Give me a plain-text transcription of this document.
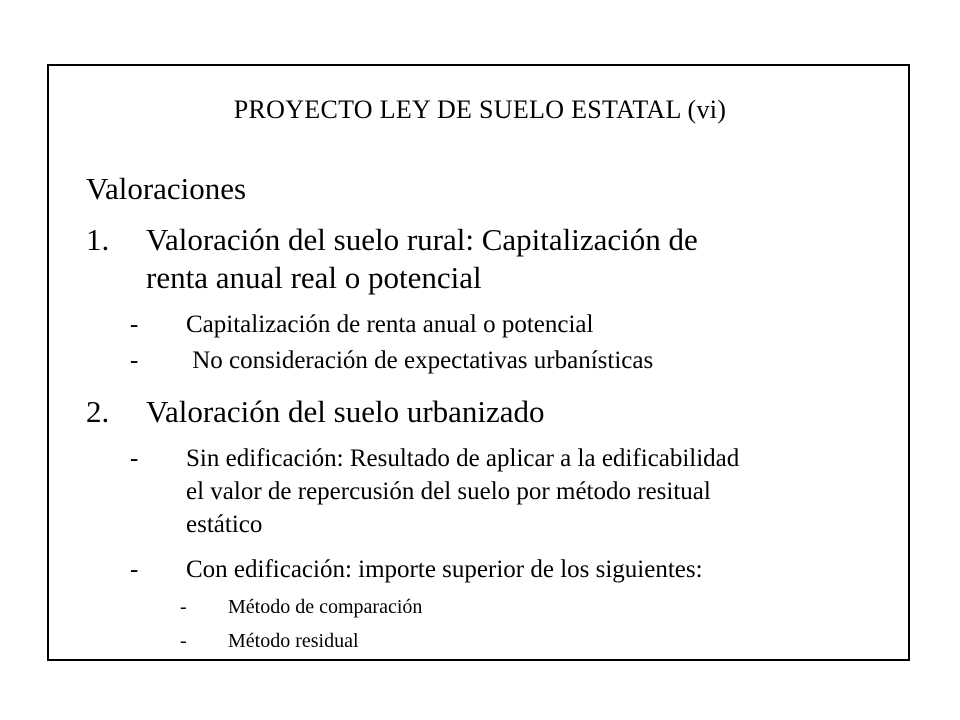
PROYECTO LEY DE SUELO ESTATAL (vi)
Valoraciones
1. Valoración del suelo rural: Capitalización de
renta anual real o potencial
- Capitalización de renta anual o potencial
- No consideración de expectativas urbanísticas
2. Valoración del suelo urbanizado
- Sin edificación: Resultado de aplicar a la edificabilidad
el valor de repercusión del suelo por método resitual
estático
- Con edificación: importe superior de los siguientes:
- Método de comparación
- Método residual
